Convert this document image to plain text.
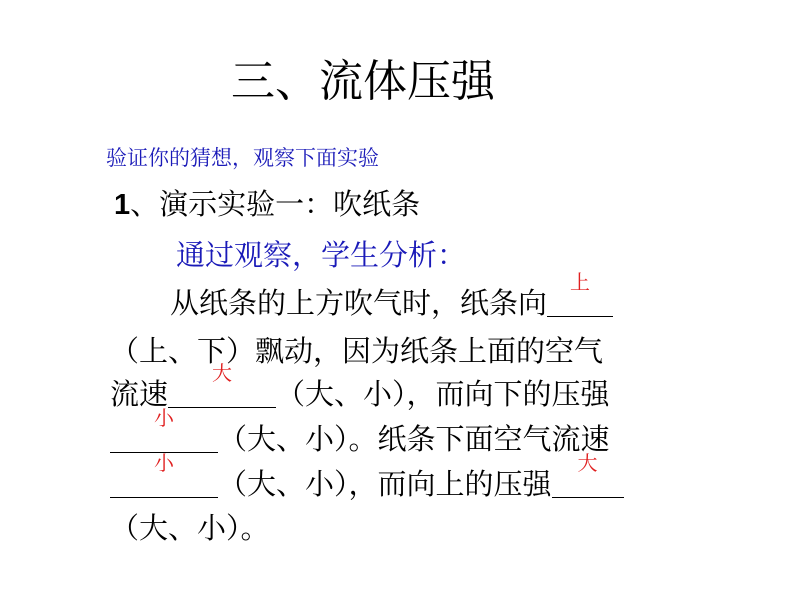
三、流体压强
验证你的猜想，观察下面实验
1、演示实验一：吹纸条
通过观察，学生分析：
从纸条的上方吹气时，纸条向
上
（上、下）飘动，因为纸条上面的空气
流速
大
（大、小），而向下的压强
小
（大、小）。纸条下面空气流速
小
（大、小），而向上的压强
大
（大、小）。
